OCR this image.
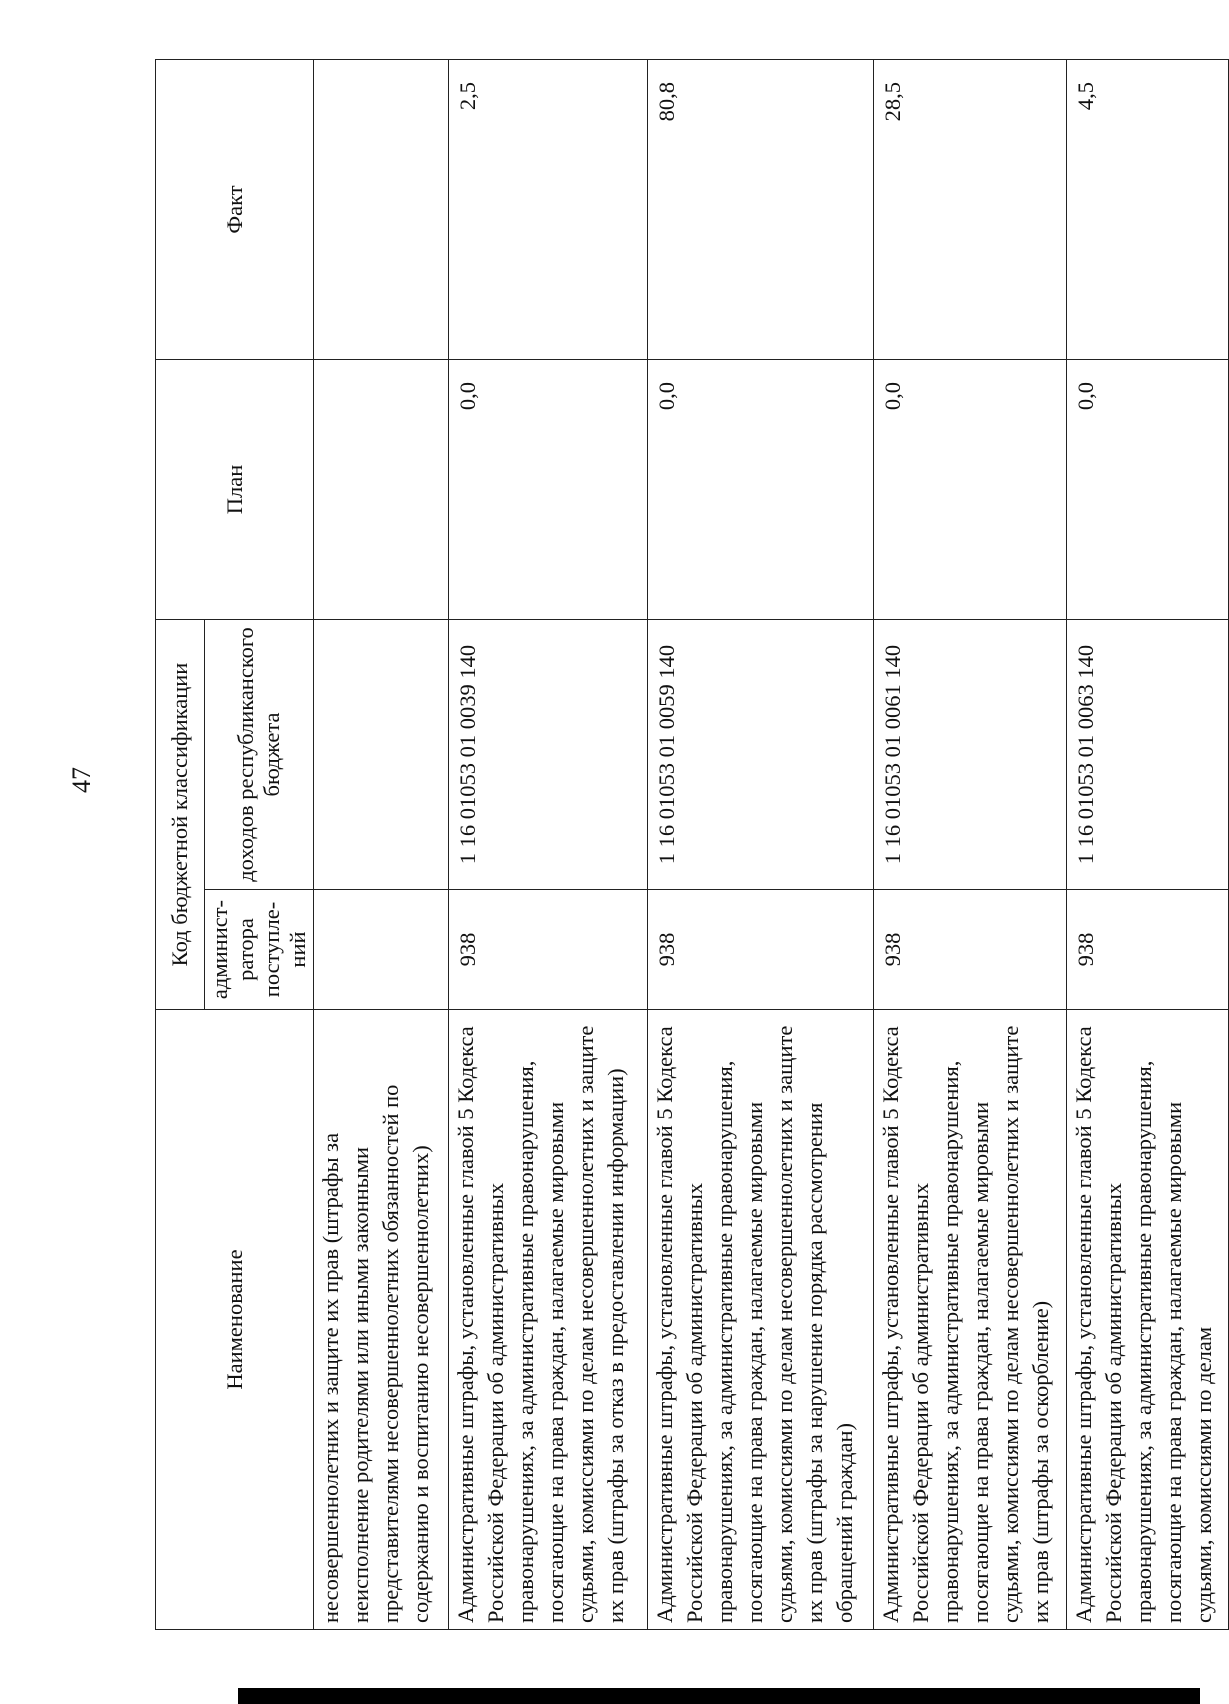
47
Наименование	Код бюджетной классификации		План	Факт
	админист-ратора поступле-ний	доходов республиканского бюджета		
несовершеннолетних и защите их прав (штрафы за неисполнение родителями или иными законными представителями несовершеннолетних обязанностей по содержанию и воспитанию несовершеннолетних)				
Административные штрафы, установленные главой 5 Кодекса Российской Федерации об административных правонарушениях, за административные правонарушения, посягающие на права граждан, налагаемые мировыми судьями, комиссиями по делам несовершеннолетних и защите их прав (штрафы за отказ в предоставлении информации)	938	1 16 01053 01 0039 140	0,0	2,5
Административные штрафы, установленные главой 5 Кодекса Российской Федерации об административных правонарушениях, за административные правонарушения, посягающие на права граждан, налагаемые мировыми судьями, комиссиями по делам несовершеннолетних и защите их прав (штрафы за нарушение порядка рассмотрения обращений граждан)	938	1 16 01053 01 0059 140	0,0	80,8
Административные штрафы, установленные главой 5 Кодекса Российской Федерации об административных правонарушениях, за административные правонарушения, посягающие на права граждан, налагаемые мировыми судьями, комиссиями по делам несовершеннолетних и защите их прав (штрафы за оскорбление)	938	1 16 01053 01 0061 140	0,0	28,5
Административные штрафы, установленные главой 5 Кодекса Российской Федерации об административных правонарушениях, за административные правонарушения, посягающие на права граждан, налагаемые мировыми судьями, комиссиями по делам	938	1 16 01053 01 0063 140	0,0	4,5
